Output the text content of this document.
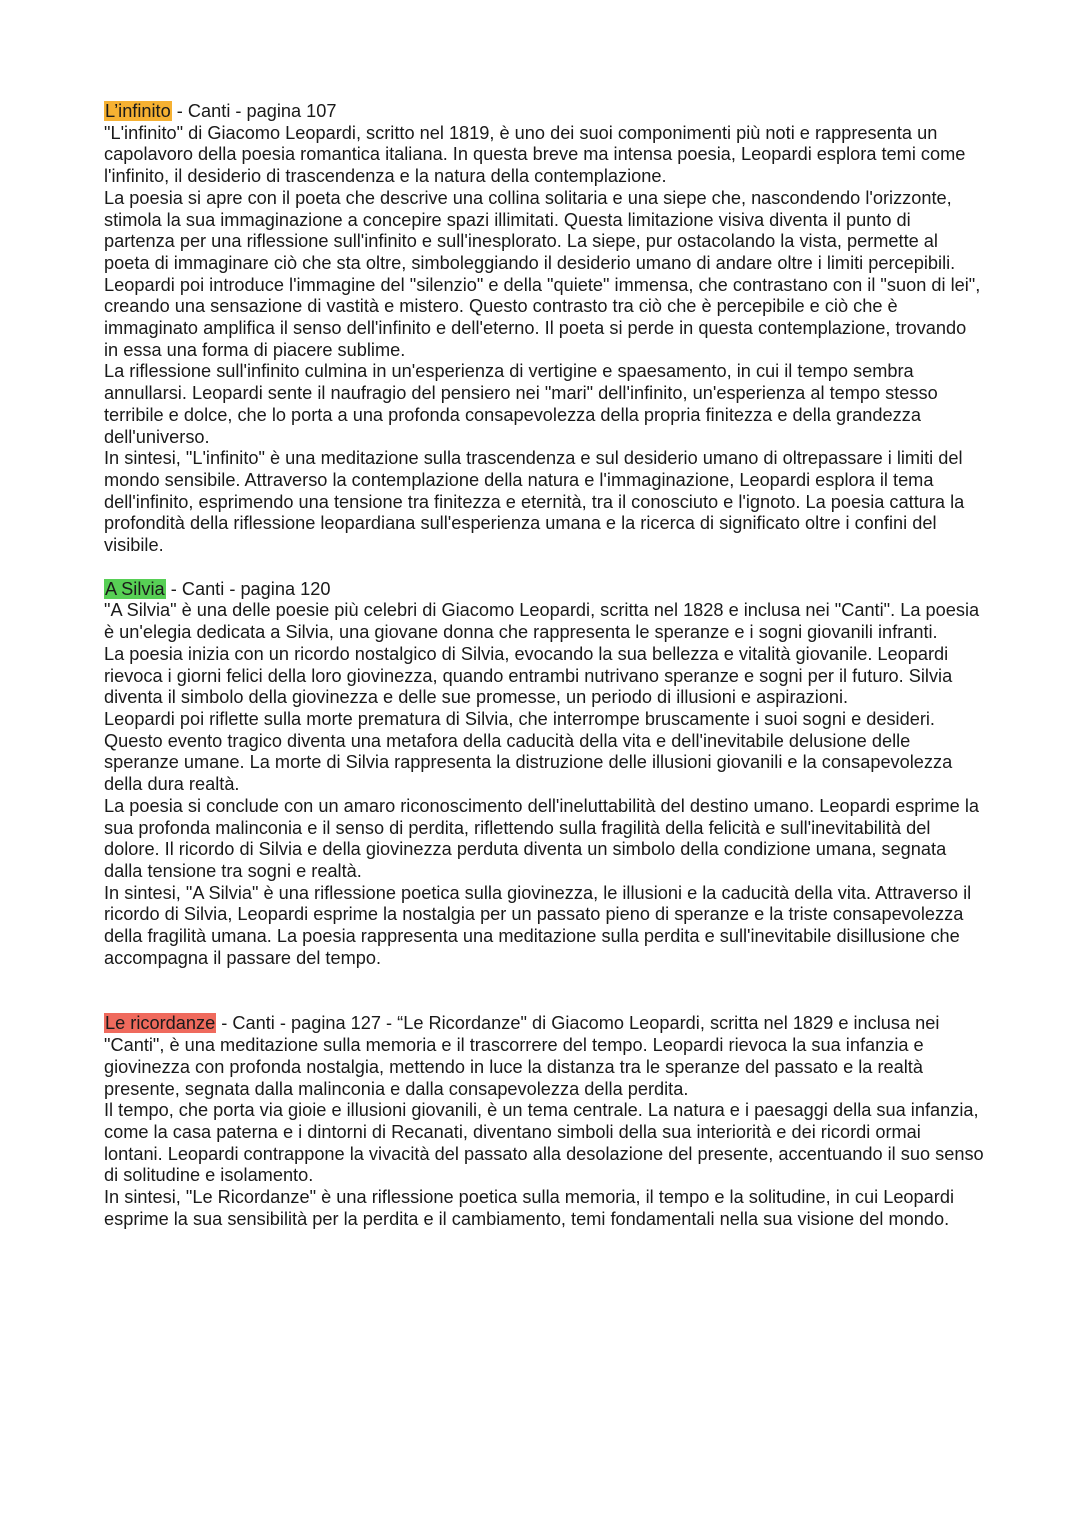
L’infinito - Canti - pagina 107

"L'infinito" di Giacomo Leopardi, scritto nel 1819, è uno dei suoi componimenti più noti e rappresenta un capolavoro della poesia romantica italiana. In questa breve ma intensa poesia, Leopardi esplora temi come l'infinito, il desiderio di trascendenza e la natura della contemplazione.

La poesia si apre con il poeta che descrive una collina solitaria e una siepe che, nascondendo l'orizzonte, stimola la sua immaginazione a concepire spazi illimitati. Questa limitazione visiva diventa il punto di partenza per una riflessione sull'infinito e sull'inesplorato. La siepe, pur ostacolando la vista, permette al poeta di immaginare ciò che sta oltre, simboleggiando il desiderio umano di andare oltre i limiti percepibili.

Leopardi poi introduce l'immagine del "silenzio" e della "quiete" immensa, che contrastano con il "suon di lei", creando una sensazione di vastità e mistero. Questo contrasto tra ciò che è percepibile e ciò che è immaginato amplifica il senso dell'infinito e dell'eterno. Il poeta si perde in questa contemplazione, trovando in essa una forma di piacere sublime.

La riflessione sull'infinito culmina in un'esperienza di vertigine e spaesamento, in cui il tempo sembra annullarsi. Leopardi sente il naufragio del pensiero nei "mari" dell'infinito, un'esperienza al tempo stesso terribile e dolce, che lo porta a una profonda consapevolezza della propria finitezza e della grandezza dell'universo.

In sintesi, "L'infinito" è una meditazione sulla trascendenza e sul desiderio umano di oltrepassare i limiti del mondo sensibile. Attraverso la contemplazione della natura e l'immaginazione, Leopardi esplora il tema dell'infinito, esprimendo una tensione tra finitezza e eternità, tra il conosciuto e l'ignoto. La poesia cattura la profondità della riflessione leopardiana sull'esperienza umana e la ricerca di significato oltre i confini del visibile.

A Silvia - Canti - pagina 120

"A Silvia" è una delle poesie più celebri di Giacomo Leopardi, scritta nel 1828 e inclusa nei "Canti". La poesia è un'elegia dedicata a Silvia, una giovane donna che rappresenta le speranze e i sogni giovanili infranti.

La poesia inizia con un ricordo nostalgico di Silvia, evocando la sua bellezza e vitalità giovanile. Leopardi rievoca i giorni felici della loro giovinezza, quando entrambi nutrivano speranze e sogni per il futuro. Silvia diventa il simbolo della giovinezza e delle sue promesse, un periodo di illusioni e aspirazioni.

Leopardi poi riflette sulla morte prematura di Silvia, che interrompe bruscamente i suoi sogni e desideri. Questo evento tragico diventa una metafora della caducità della vita e dell'inevitabile delusione delle speranze umane. La morte di Silvia rappresenta la distruzione delle illusioni giovanili e la consapevolezza della dura realtà.

La poesia si conclude con un amaro riconoscimento dell'ineluttabilità del destino umano. Leopardi esprime la sua profonda malinconia e il senso di perdita, riflettendo sulla fragilità della felicità e sull'inevitabilità del dolore. Il ricordo di Silvia e della giovinezza perduta diventa un simbolo della condizione umana, segnata dalla tensione tra sogni e realtà.

In sintesi, "A Silvia" è una riflessione poetica sulla giovinezza, le illusioni e la caducità della vita. Attraverso il ricordo di Silvia, Leopardi esprime la nostalgia per un passato pieno di speranze e la triste consapevolezza della fragilità umana. La poesia rappresenta una meditazione sulla perdita e sull'inevitabile disillusione che accompagna il passare del tempo.

Le ricordanze - Canti - pagina 127 - “Le Ricordanze" di Giacomo Leopardi, scritta nel 1829 e inclusa nei "Canti", è una meditazione sulla memoria e il trascorrere del tempo. Leopardi rievoca la sua infanzia e giovinezza con profonda nostalgia, mettendo in luce la distanza tra le speranze del passato e la realtà presente, segnata dalla malinconia e dalla consapevolezza della perdita.

Il tempo, che porta via gioie e illusioni giovanili, è un tema centrale. La natura e i paesaggi della sua infanzia, come la casa paterna e i dintorni di Recanati, diventano simboli della sua interiorità e dei ricordi ormai lontani. Leopardi contrappone la vivacità del passato alla desolazione del presente, accentuando il suo senso di solitudine e isolamento.

In sintesi, "Le Ricordanze" è una riflessione poetica sulla memoria, il tempo e la solitudine, in cui Leopardi esprime la sua sensibilità per la perdita e il cambiamento, temi fondamentali nella sua visione del mondo.
